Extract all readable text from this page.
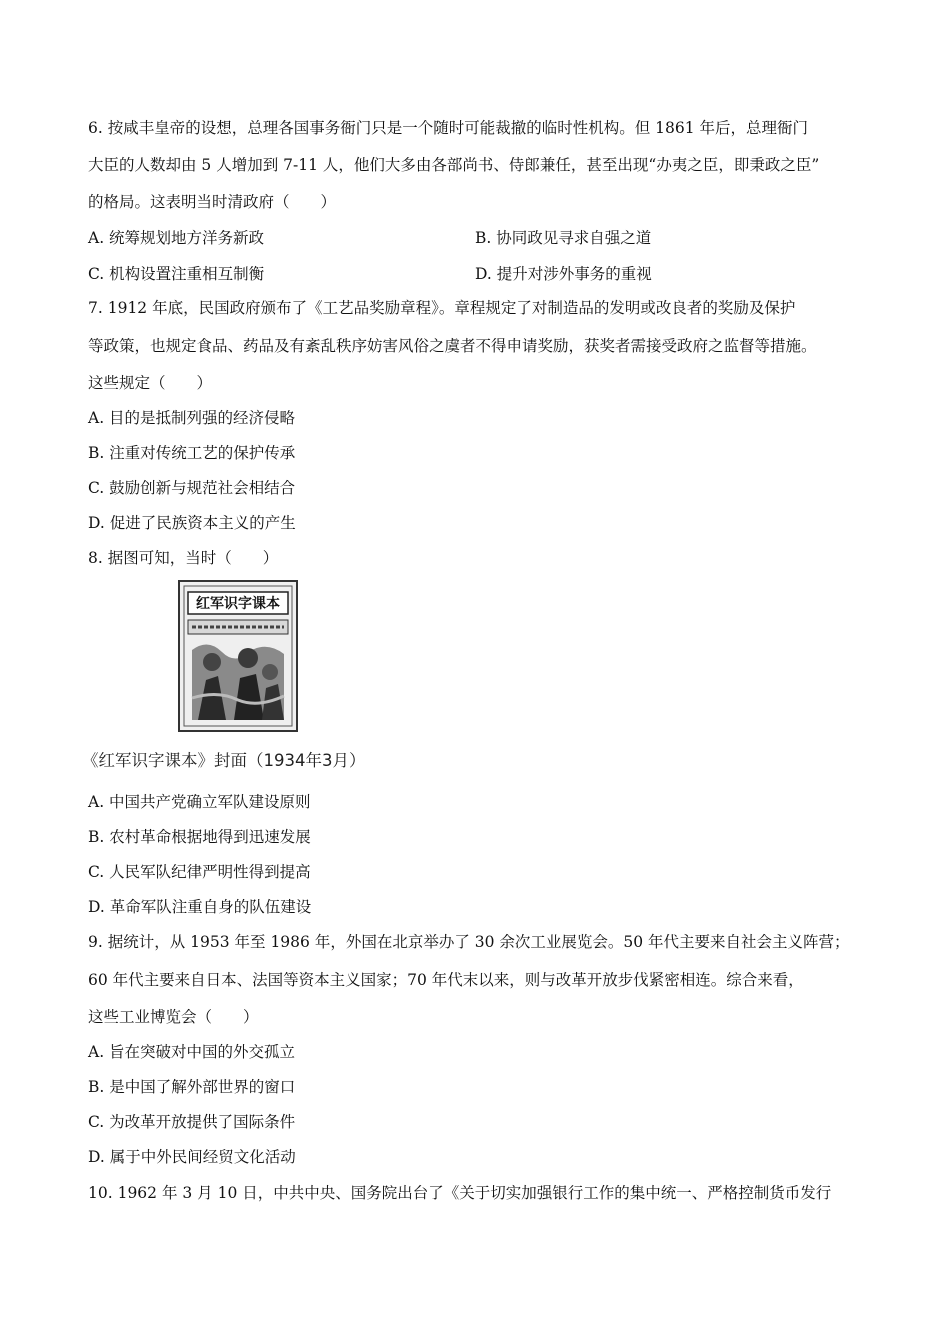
6. 按咸丰皇帝的设想，总理各国事务衙门只是一个随时可能裁撤的临时性机构。但 1861 年后，总理衙门
大臣的人数却由 5 人增加到 7-11 人，他们大多由各部尚书、侍郎兼任，甚至出现“办夷之臣，即秉政之臣”
的格局。这表明当时清政府（　　）
A. 统筹规划地方洋务新政	B. 协同政见寻求自强之道
C. 机构设置注重相互制衡	D. 提升对涉外事务的重视
7. 1912 年底，民国政府颁布了《工艺品奖励章程》。章程规定了对制造品的发明或改良者的奖励及保护
等政策，也规定食品、药品及有紊乱秩序妨害风俗之虞者不得申请奖励，获奖者需接受政府之监督等措施。
这些规定（　　）
A. 目的是抵制列强的经济侵略
B. 注重对传统工艺的保护传承
C. 鼓励创新与规范社会相结合
D. 促进了民族资本主义的产生
8. 据图可知，当时（　　）
红军识字课本
《红军识字课本》封面（1934年3月）
A. 中国共产党确立军队建设原则
B. 农村革命根据地得到迅速发展
C. 人民军队纪律严明性得到提高
D. 革命军队注重自身的队伍建设
9. 据统计，从 1953 年至 1986 年，外国在北京举办了 30 余次工业展览会。50 年代主要来自社会主义阵营；
60 年代主要来自日本、法国等资本主义国家；70 年代末以来，则与改革开放步伐紧密相连。综合来看，
这些工业博览会（　　）
A. 旨在突破对中国的外交孤立
B. 是中国了解外部世界的窗口
C. 为改革开放提供了国际条件
D. 属于中外民间经贸文化活动
10. 1962 年 3 月 10 日，中共中央、国务院出台了《关于切实加强银行工作的集中统一、严格控制货币发行
